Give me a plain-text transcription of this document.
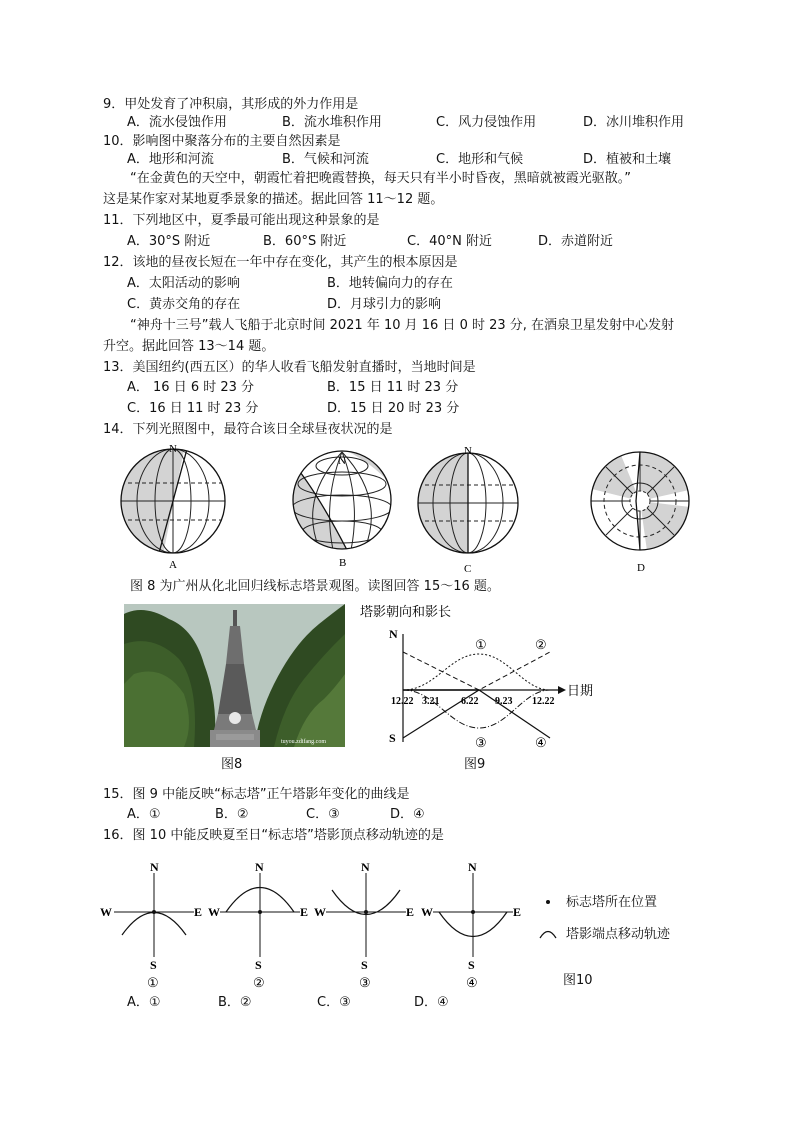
9．甲处发育了冲积扇，其形成的外力作用是
A．流水侵蚀作用	B．流水堆积作用	C．风力侵蚀作用	D．冰川堆积作用
10．影响图中聚落分布的主要自然因素是
A．地形和河流	B．气候和河流	C．地形和气候	D．植被和土壤
“在金黄色的天空中，朝霞忙着把晚霞替换，每天只有半小时昏夜，黑暗就被霞光驱散。”
这是某作家对某地夏季景象的描述。据此回答 11～12 题。
11．下列地区中，夏季最可能出现这种景象的是
A．30°S 附近	B．60°S 附近	C．40°N 附近	D．赤道附近
12．该地的昼夜长短在一年中存在变化，其产生的根本原因是
A．太阳活动的影响	B．地转偏向力的存在
C．黄赤交角的存在	D．月球引力的影响
“神舟十三号”载人飞船于北京时间 2021 年 10 月 16 日 0 时 23 分, 在酒泉卫星发射中心发射
升空。据此回答 13～14 题。
13．美国纽约(西五区）的华人收看飞船发射直播时，当地时间是
A． 16 日 6 时 23 分	B．15 日 11 时 23 分
C．16 日 11 时 23 分	D．15 日 20 时 23 分
14．下列光照图中，最符合该日全球昼夜状况的是
N
A
N
B
N
C	D
图 8 为广州从化北回归线标志塔景观图。读图回答 15～16 题。
tuyou.zdifang.com
图8
塔影朝向和影长
日期
N
S
①	②
③	④
12.22 3.21 6.22 9.23 12.22
图9
15．图 9 中能反映“标志塔”正午塔影年变化的曲线是
A．①	B．②	C．③	D．④
16．图 10 中能反映夏至日“标志塔”塔影顶点移动轨迹的是
N
W	E
S
①
N
W	E
S
②
N
W	E
S
③
N
W	E
S
④
标志塔所在位置
塔影端点移动轨迹
图10
A．①	B．②	C．③	D．④
